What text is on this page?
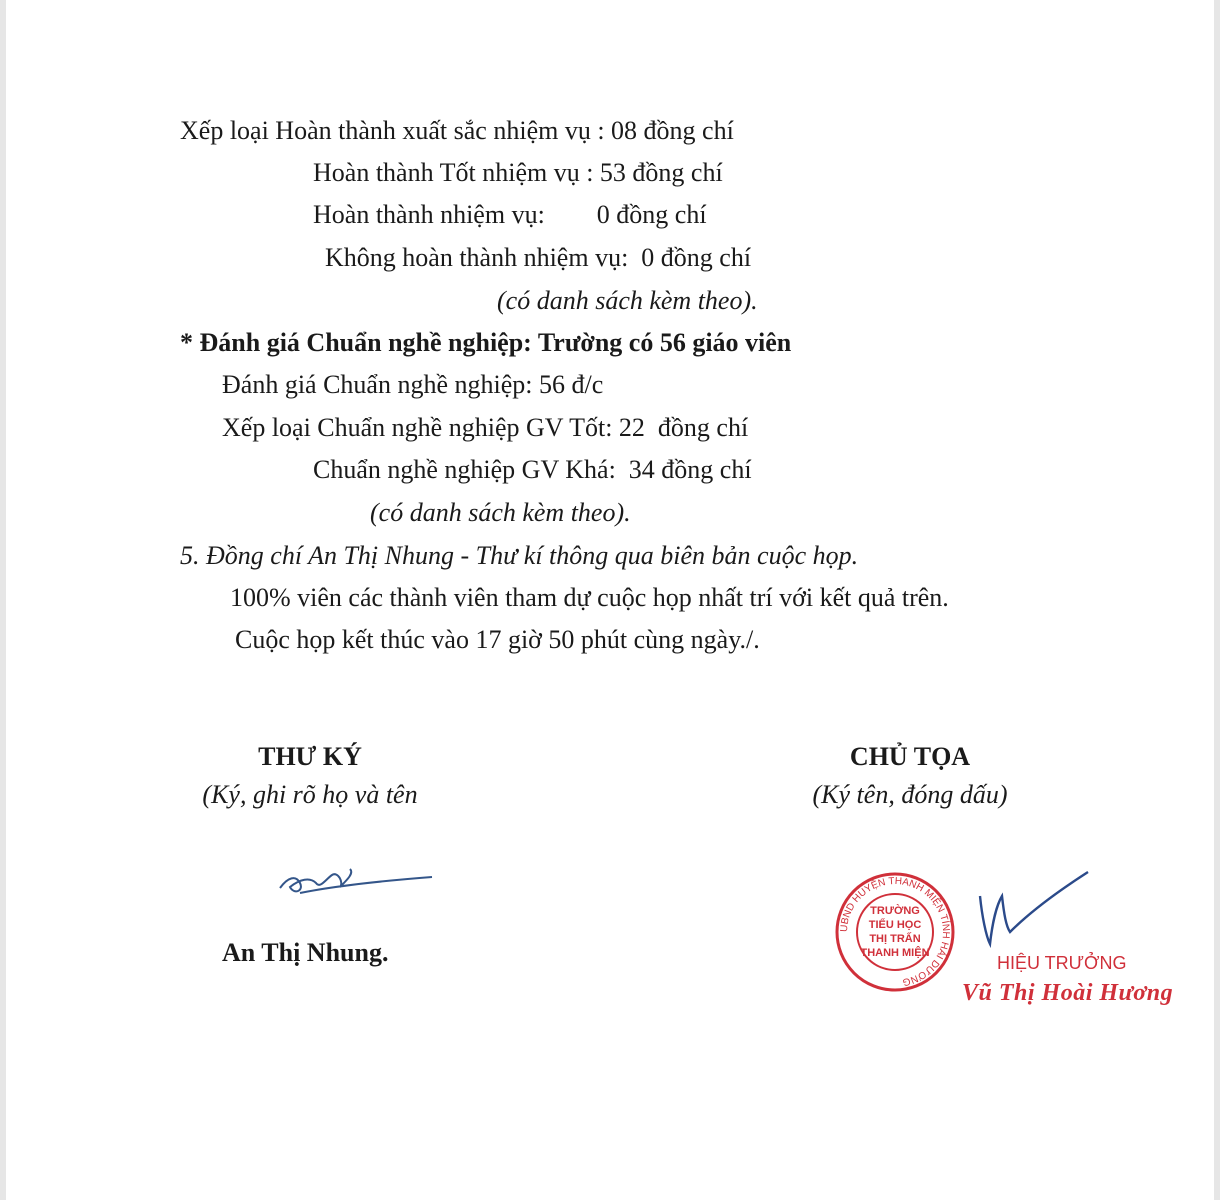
Xếp loại Hoàn thành xuất sắc nhiệm vụ : 08 đồng chí
Hoàn thành Tốt nhiệm vụ : 53 đồng chí
Hoàn thành nhiệm vụ:        0 đồng chí
Không hoàn thành nhiệm vụ:  0 đồng chí
(có danh sách kèm theo).
* Đánh giá Chuẩn nghề nghiệp: Trường có 56 giáo viên
Đánh giá Chuẩn nghề nghiệp: 56 đ/c
Xếp loại Chuẩn nghề nghiệp GV Tốt: 22  đồng chí
Chuẩn nghề nghiệp GV Khá:  34 đồng chí
(có danh sách kèm theo).
5. Đồng chí An Thị Nhung - Thư kí thông qua biên bản cuộc họp.
100% viên các thành viên tham dự cuộc họp nhất trí với kết quả trên.
Cuộc họp kết thúc vào 17 giờ 50 phút cùng ngày./.
THƯ KÝ
(Ký, ghi rõ họ và tên
CHỦ TỌA
(Ký tên, đóng dấu)
An Thị Nhung.
UBND HUYỆN THANH MIỆN TỈNH HẢI DƯƠNG
TRƯỜNG
TIỂU HỌC
THỊ TRẤN
THANH MIỆN	HIỆU TRƯỞNG
Vũ Thị Hoài Hương
